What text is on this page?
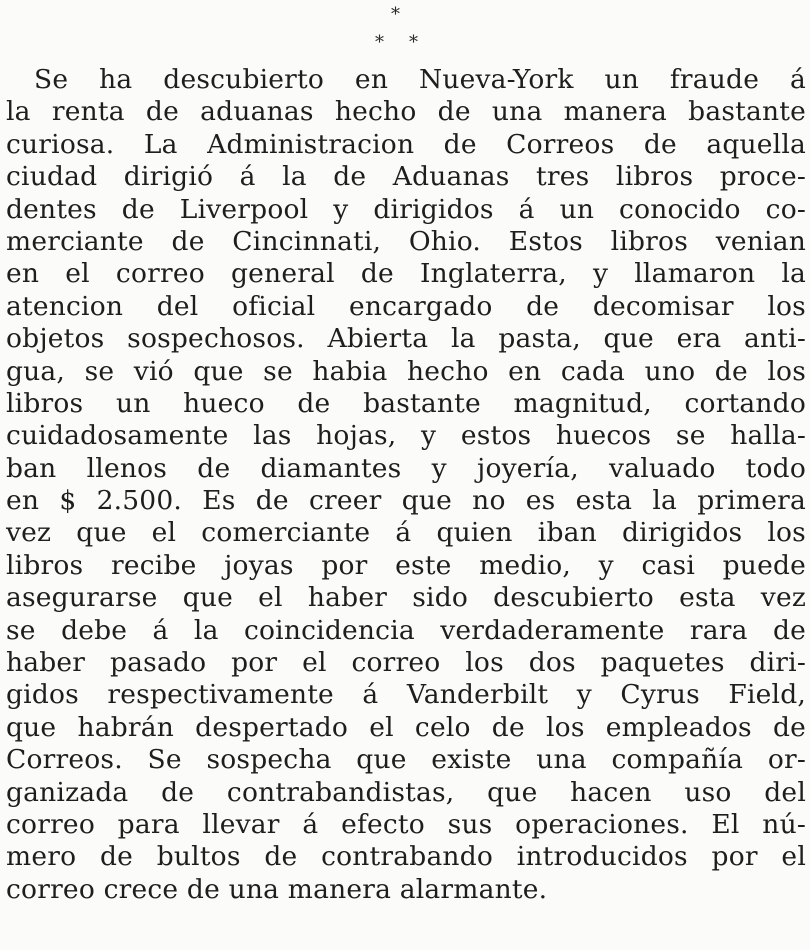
*
* *
Se ha descubierto en Nueva-York un fraude á
la renta de aduanas hecho de una manera bastante
curiosa. La Administracion de Correos de aquella
ciudad dirigió á la de Aduanas tres libros proce-
dentes de Liverpool y dirigidos á un conocido co-
merciante de Cincinnati, Ohio. Estos libros venian
en el correo general de Inglaterra, y llamaron la
atencion del oficial encargado de decomisar los
objetos sospechosos. Abierta la pasta, que era anti-
gua, se vió que se habia hecho en cada uno de los
libros un hueco de bastante magnitud, cortando
cuidadosamente las hojas, y estos huecos se halla-
ban llenos de diamantes y joyería, valuado todo
en $ 2.500. Es de creer que no es esta la primera
vez que el comerciante á quien iban dirigidos los
libros recibe joyas por este medio, y casi puede
asegurarse que el haber sido descubierto esta vez
se debe á la coincidencia verdaderamente rara de
haber pasado por el correo los dos paquetes diri-
gidos respectivamente á Vanderbilt y Cyrus Field,
que habrán despertado el celo de los empleados de
Correos. Se sospecha que existe una compañía or-
ganizada de contrabandistas, que hacen uso del
correo para llevar á efecto sus operaciones. El nú-
mero de bultos de contrabando introducidos por el
correo crece de una manera alarmante.
